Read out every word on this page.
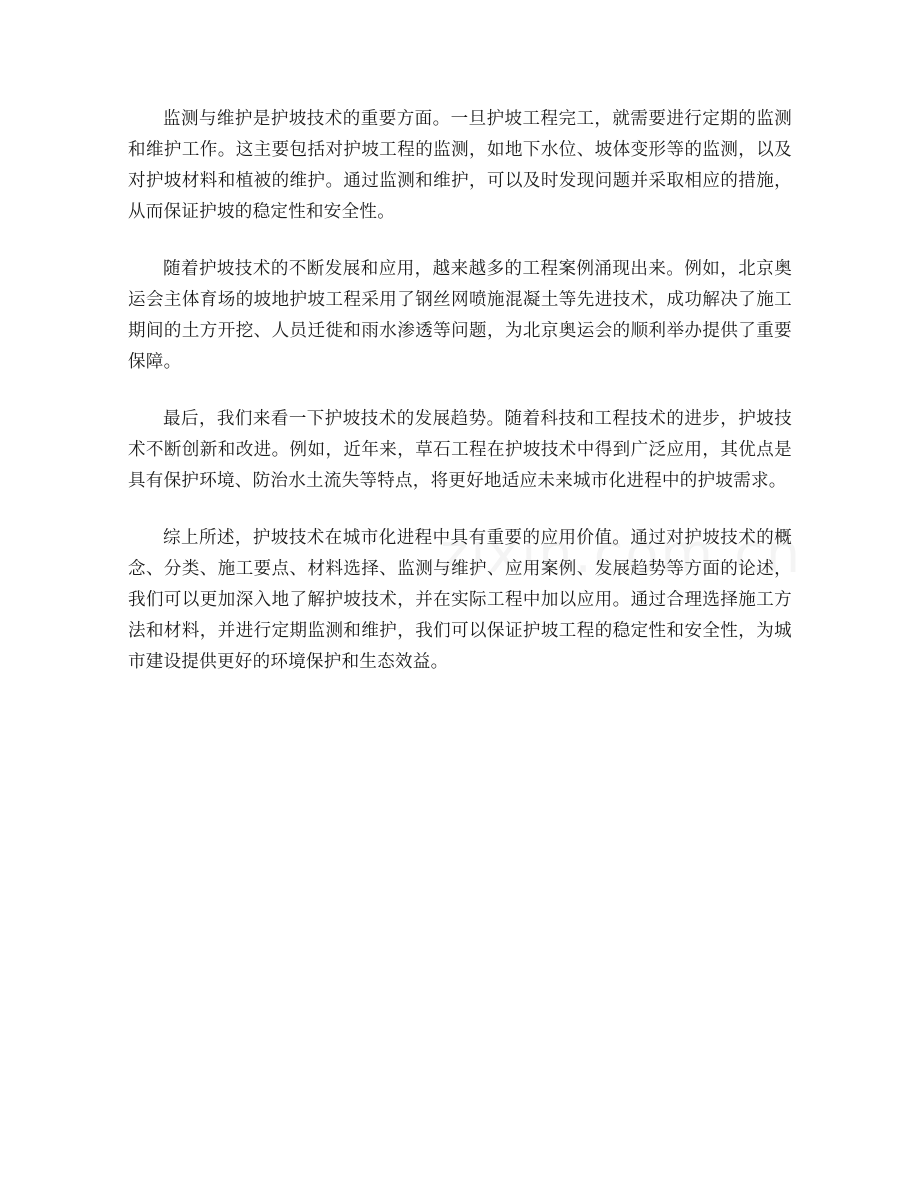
监测与维护是护坡技术的重要方面。一旦护坡工程完工，就需要进行定期的监测和维护工作。这主要包括对护坡工程的监测，如地下水位、坡体变形等的监测，以及对护坡材料和植被的维护。通过监测和维护，可以及时发现问题并采取相应的措施，从而保证护坡的稳定性和安全性。

随着护坡技术的不断发展和应用，越来越多的工程案例涌现出来。例如，北京奥运会主体育场的坡地护坡工程采用了钢丝网喷施混凝土等先进技术，成功解决了施工期间的土方开挖、人员迁徙和雨水渗透等问题，为北京奥运会的顺利举办提供了重要保障。

最后，我们来看一下护坡技术的发展趋势。随着科技和工程技术的进步，护坡技术不断创新和改进。例如，近年来，草石工程在护坡技术中得到广泛应用，其优点是具有保护环境、防治水土流失等特点，将更好地适应未来城市化进程中的护坡需求。

综上所述，护坡技术在城市化进程中具有重要的应用价值。通过对护坡技术的概念、分类、施工要点、材料选择、监测与维护、应用案例、发展趋势等方面的论述，我们可以更加深入地了解护坡技术，并在实际工程中加以应用。通过合理选择施工方法和材料，并进行定期监测和维护，我们可以保证护坡工程的稳定性和安全性，为城市建设提供更好的环境保护和生态效益。
